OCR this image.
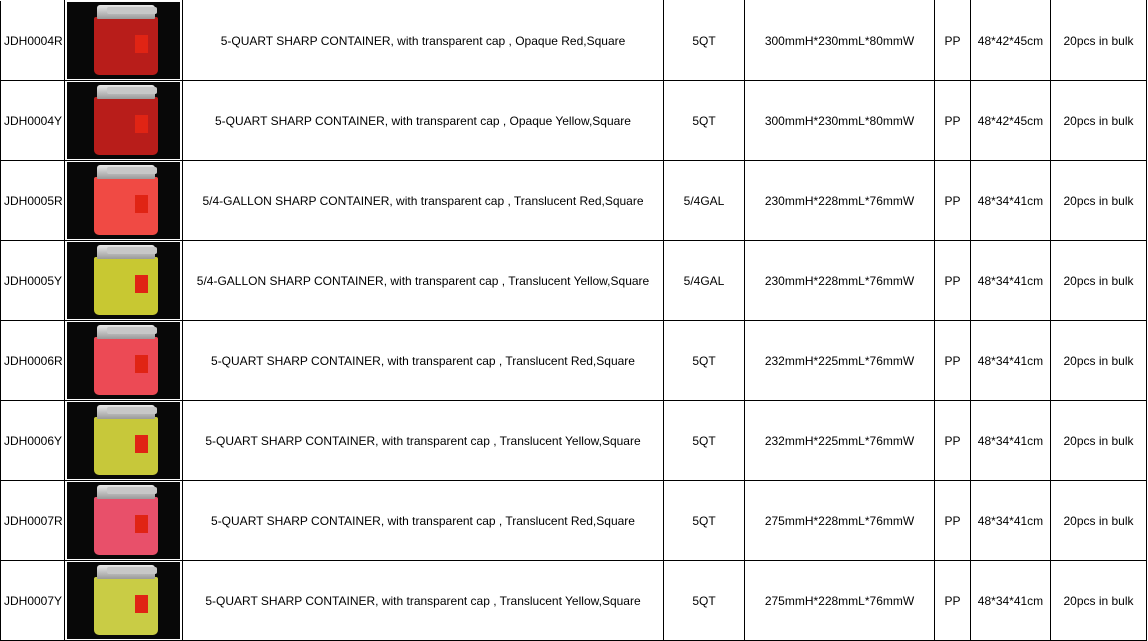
JDH0004R		5-QUART SHARP CONTAINER, with transparent cap , Opaque Red,Square	5QT	300mmH*230mmL*80mmW	PP	48*42*45cm	20pcs in bulk
JDH0004Y		5-QUART SHARP CONTAINER, with transparent cap , Opaque Yellow,Square	5QT	300mmH*230mmL*80mmW	PP	48*42*45cm	20pcs in bulk
JDH0005R		5/4-GALLON SHARP CONTAINER, with transparent cap , Translucent Red,Square	5/4GAL	230mmH*228mmL*76mmW	PP	48*34*41cm	20pcs in bulk
JDH0005Y		5/4-GALLON SHARP CONTAINER, with transparent cap , Translucent Yellow,Square	5/4GAL	230mmH*228mmL*76mmW	PP	48*34*41cm	20pcs in bulk
JDH0006R		5-QUART SHARP CONTAINER, with transparent cap , Translucent Red,Square	5QT	232mmH*225mmL*76mmW	PP	48*34*41cm	20pcs in bulk
JDH0006Y		5-QUART SHARP CONTAINER, with transparent cap , Translucent Yellow,Square	5QT	232mmH*225mmL*76mmW	PP	48*34*41cm	20pcs in bulk
JDH0007R		5-QUART SHARP CONTAINER, with transparent cap , Translucent Red,Square	5QT	275mmH*228mmL*76mmW	PP	48*34*41cm	20pcs in bulk
JDH0007Y		5-QUART SHARP CONTAINER, with transparent cap , Translucent Yellow,Square	5QT	275mmH*228mmL*76mmW	PP	48*34*41cm	20pcs in bulk
